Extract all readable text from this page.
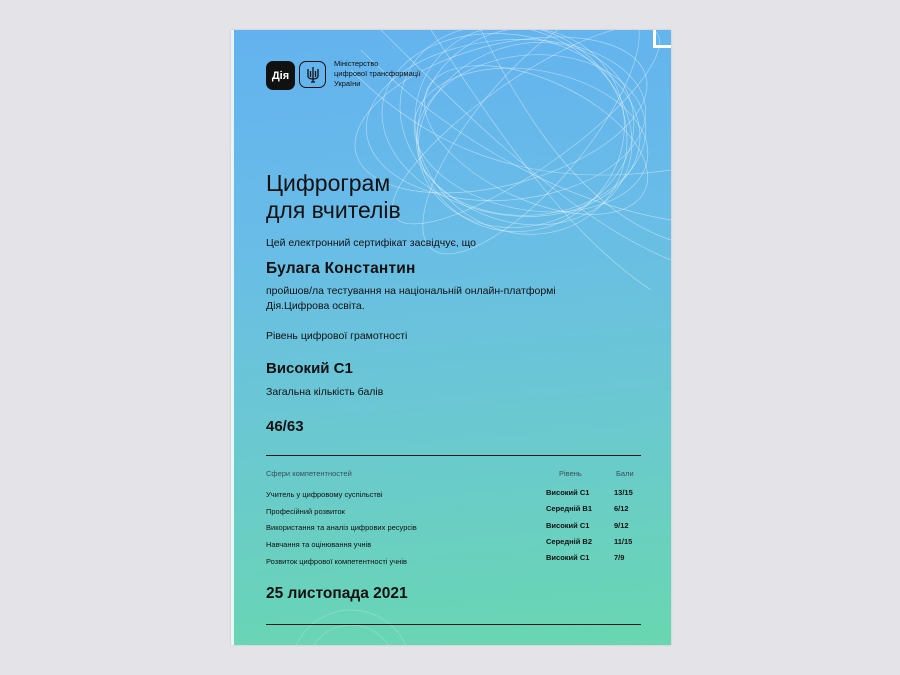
Дія
Міністерство
цифрової трансформації
України
Цифрограм
для вчителів
Цей електронний сертифікат засвідчує, що
Булага Константин
пройшов/ла тестування на національній онлайн-платформі
Дія.Цифрова освіта.
Рівень цифрової грамотності
Високий С1
Загальна кількість балів
46/63
Сфери компетентностей	Рівень	Бали
Учитель у цифровому суспільстві	Високий С1	13/15
Професійний розвиток	Середній В1	6/12
Використання та аналіз цифрових ресурсів	Високий С1	9/12
Навчання та оцінювання учнів	Середній В2	11/15
Розвиток цифрової компетентності учнів	Високий С1	7/9
25 листопада 2021
